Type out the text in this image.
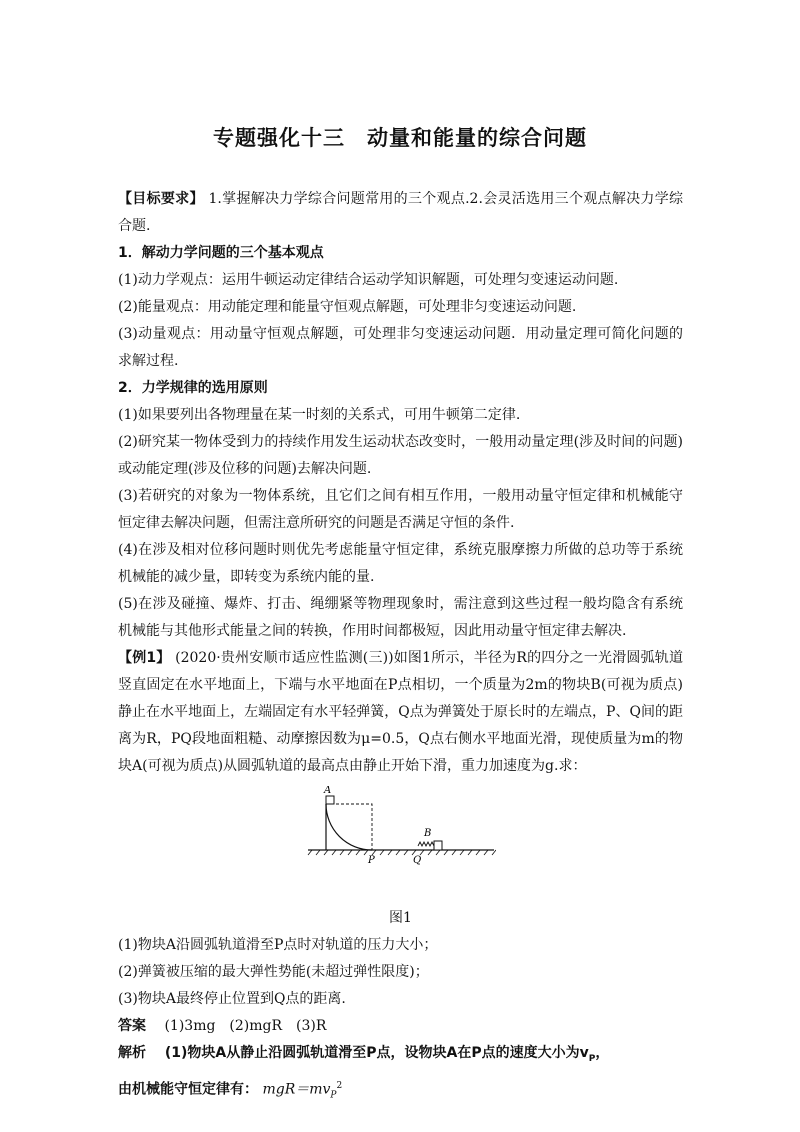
专题强化十三 动量和能量的综合问题

【目标要求】 1.掌握解决力学综合问题常用的三个观点.2.会灵活选用三个观点解决力学综合题.

1．解动力学问题的三个基本观点

(1)动力学观点：运用牛顿运动定律结合运动学知识解题，可处理匀变速运动问题.

(2)能量观点：用动能定理和能量守恒观点解题，可处理非匀变速运动问题.

(3)动量观点：用动量守恒观点解题，可处理非匀变速运动问题．用动量定理可简化问题的求解过程.

2．力学规律的选用原则

(1)如果要列出各物理量在某一时刻的关系式，可用牛顿第二定律.

(2)研究某一物体受到力的持续作用发生运动状态改变时，一般用动量定理(涉及时间的问题)或动能定理(涉及位移的问题)去解决问题.

(3)若研究的对象为一物体系统，且它们之间有相互作用，一般用动量守恒定律和机械能守恒定律去解决问题，但需注意所研究的问题是否满足守恒的条件.

(4)在涉及相对位移问题时则优先考虑能量守恒定律，系统克服摩擦力所做的总功等于系统机械能的减少量，即转变为系统内能的量.

(5)在涉及碰撞、爆炸、打击、绳绷紧等物理现象时，需注意到这些过程一般均隐含有系统机械能与其他形式能量之间的转换，作用时间都极短，因此用动量守恒定律去解决.

【例1】 (2020·贵州安顺市适应性监测(三))如图1所示，半径为R的四分之一光滑圆弧轨道竖直固定在水平地面上，下端与水平地面在P点相切，一个质量为2m的物块B(可视为质点)静止在水平地面上，左端固定有水平轻弹簧，Q点为弹簧处于原长时的左端点，P、Q间的距离为R，PQ段地面粗糙、动摩擦因数为μ=0.5，Q点右侧水平地面光滑，现使质量为m的物块A(可视为质点)从圆弧轨道的最高点由静止开始下滑，重力加速度为g.求：

A
P
B
Q

图1

(1)物块A沿圆弧轨道滑至P点时对轨道的压力大小；

(2)弹簧被压缩的最大弹性势能(未超过弹性限度)；

(3)物块A最终停止位置到Q点的距离.

答案 (1)3mg　(2)mgR　(3)R

解析 (1)物块A从静止沿圆弧轨道滑至P点，设物块A在P点的速度大小为$v_P$，

由机械能守恒定律有： $mgR=mv_P^2$
